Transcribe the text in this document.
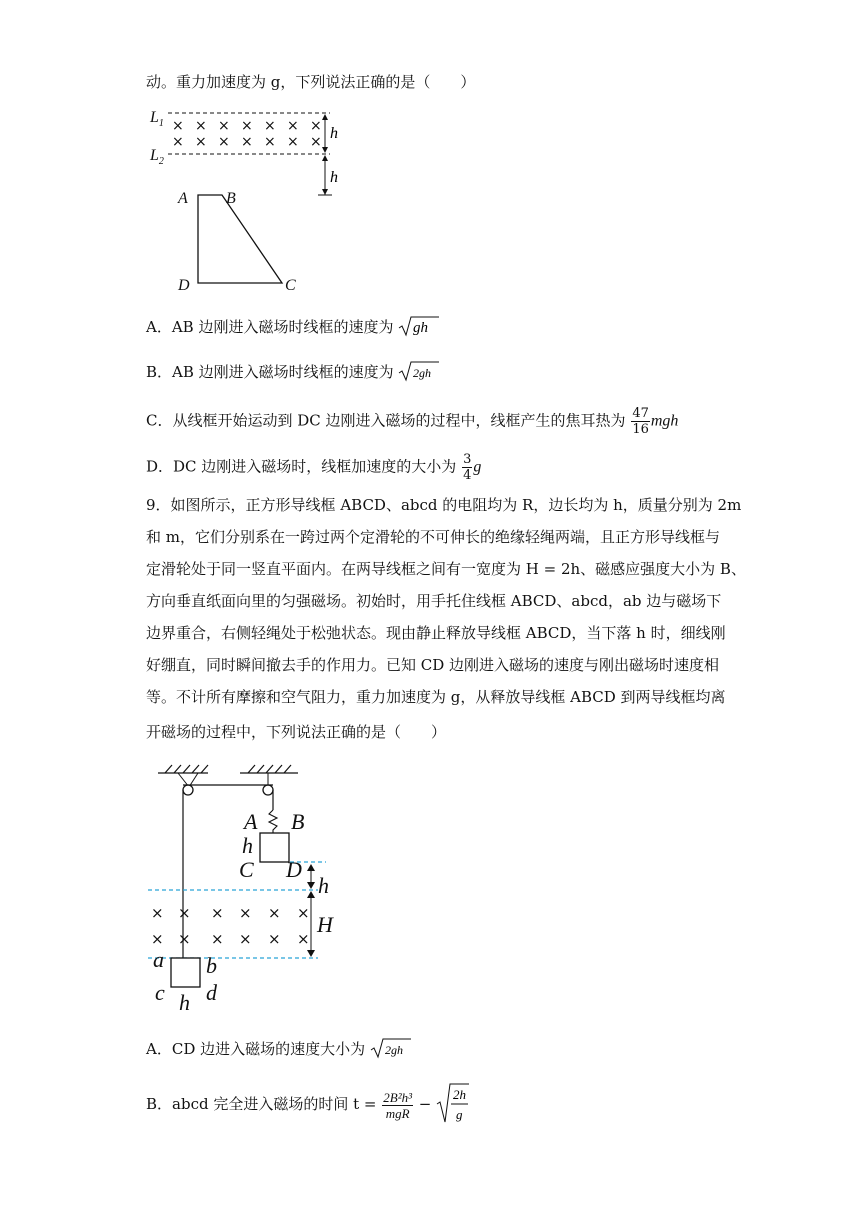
动。重力加速度为 g，下列说法正确的是（　　）
$L_1$
$L_2$
× × × × × × ×
× × × × × × × h
h
A B
D	C
A．AB 边刚进入磁场时线框的速度为 gh
B．AB 边刚进入磁场时线框的速度为 2gh
C．从线框开始运动到 DC 边刚进入磁场的过程中，线框产生的焦耳热为 $\frac{47}{16}$ mgh
D．DC 边刚进入磁场时，线框加速度的大小为 $\frac{3}{4}$ g
9．如图所示，正方形导线框 ABCD、abcd 的电阻均为 R，边长均为 h，质量分别为 2m
和 m，它们分别系在一跨过两个定滑轮的不可伸长的绝缘轻绳两端，且正方形导线框与
定滑轮处于同一竖直平面内。在两导线框之间有一宽度为 H = 2h、磁感应强度大小为 B、
方向垂直纸面向里的匀强磁场。初始时，用手托住线框 ABCD、abcd，ab 边与磁场下
边界重合，右侧轻绳处于松弛状态。现由静止释放导线框 ABCD，当下落 h 时，细线刚
好绷直，同时瞬间撤去手的作用力。已知 CD 边刚进入磁场的速度与刚出磁场时速度相
等。不计所有摩擦和空气阻力，重力加速度为 g，从释放导线框 ABCD 到两导线框均离
开磁场的过程中，下列说法正确的是（　　）
× × × × × ×
× × × × × ×
A B
h
C D
h
H
a b
c h d
A．CD 边进入磁场的速度大小为 2gh
B．abcd 完全进入磁场的时间 $t = \frac{\text{2B²h³}}{\text{mgR}}$ −
2h
g
